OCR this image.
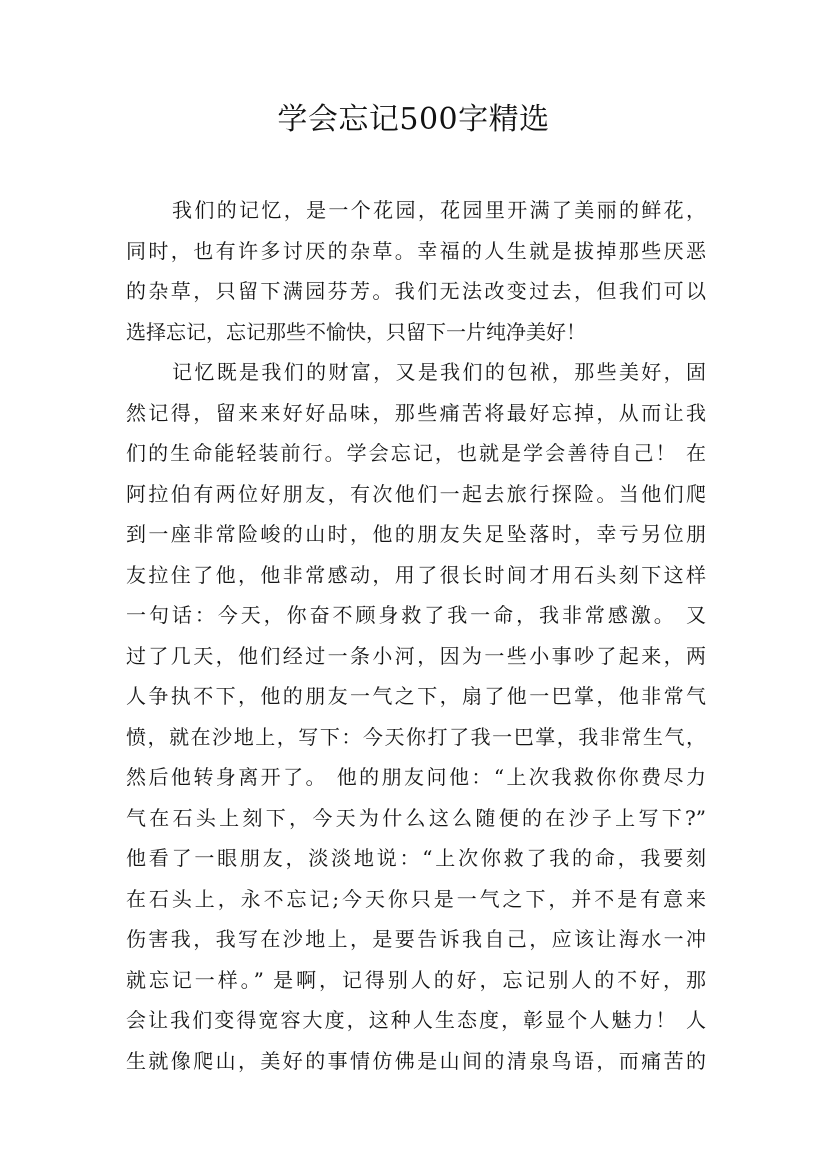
学会忘记500字精选
我们的记忆，是一个花园，花园里开满了美丽的鲜花，
同时，也有许多讨厌的杂草。幸福的人生就是拔掉那些厌恶
的杂草，只留下满园芬芳。我们无法改变过去，但我们可以
选择忘记，忘记那些不愉快，只留下一片纯净美好！
记忆既是我们的财富，又是我们的包袱，那些美好，固
然记得，留来来好好品味，那些痛苦将最好忘掉，从而让我
们的生命能轻装前行。学会忘记，也就是学会善待自己！ 在
阿拉伯有两位好朋友，有次他们一起去旅行探险。当他们爬
到一座非常险峻的山时，他的朋友失足坠落时，幸亏另位朋
友拉住了他，他非常感动，用了很长时间才用石头刻下这样
一句话：今天，你奋不顾身救了我一命，我非常感激。 又
过了几天，他们经过一条小河，因为一些小事吵了起来，两
人争执不下，他的朋友一气之下，扇了他一巴掌，他非常气
愤，就在沙地上，写下：今天你打了我一巴掌，我非常生气，
然后他转身离开了。 他的朋友问他：“上次我救你你费尽力
气在石头上刻下，今天为什么这么随便的在沙子上写下?”
他看了一眼朋友，淡淡地说：“上次你救了我的命，我要刻
在石头上，永不忘记;今天你只是一气之下，并不是有意来
伤害我，我写在沙地上，是要告诉我自己，应该让海水一冲
就忘记一样。” 是啊，记得别人的好，忘记别人的不好，那
会让我们变得宽容大度，这种人生态度，彰显个人魅力！ 人
生就像爬山，美好的事情仿佛是山间的清泉鸟语，而痛苦的
